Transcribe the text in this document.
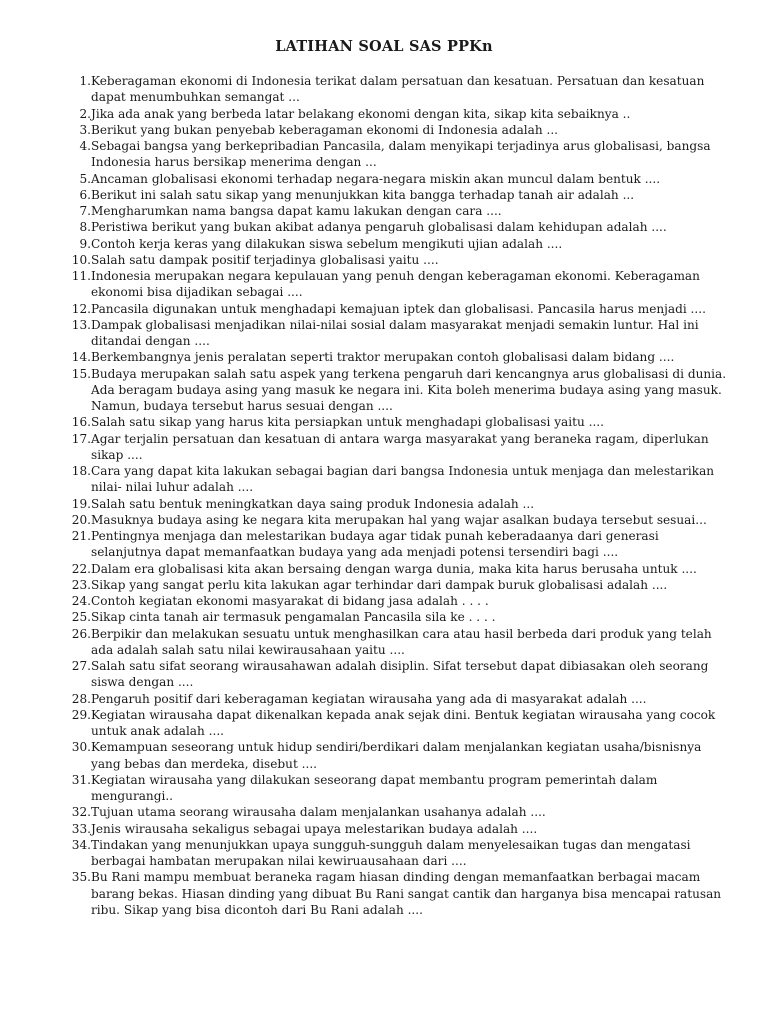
LATIHAN SOAL SAS PPKn
1. Keberagaman ekonomi di Indonesia terikat dalam persatuan dan kesatuan. Persatuan dan kesatuan dapat menumbuhkan semangat ...
2. Jika ada anak yang berbeda latar belakang ekonomi dengan kita, sikap kita sebaiknya ..
3. Berikut yang bukan penyebab keberagaman ekonomi di Indonesia adalah ...
4. Sebagai bangsa yang berkepribadian Pancasila, dalam menyikapi terjadinya arus globalisasi, bangsa Indonesia harus bersikap menerima dengan ...
5. Ancaman globalisasi ekonomi terhadap negara-negara miskin akan muncul dalam bentuk ....
6. Berikut ini salah satu sikap yang menunjukkan kita bangga terhadap tanah air adalah ...
7. Mengharumkan nama bangsa dapat kamu lakukan dengan cara ....
8. Peristiwa berikut yang bukan akibat adanya pengaruh globalisasi dalam kehidupan adalah ....
9. Contoh kerja keras yang dilakukan siswa sebelum mengikuti ujian adalah ....
10. Salah satu dampak positif terjadinya globalisasi yaitu ....
11. Indonesia merupakan negara kepulauan yang penuh dengan keberagaman ekonomi. Keberagaman ekonomi bisa dijadikan sebagai ....
12. Pancasila digunakan untuk menghadapi kemajuan iptek dan globalisasi. Pancasila harus menjadi ....
13. Dampak globalisasi menjadikan nilai-nilai sosial dalam masyarakat menjadi semakin luntur. Hal ini ditandai dengan ....
14. Berkembangnya jenis peralatan seperti traktor merupakan contoh globalisasi dalam bidang ....
15. Budaya merupakan salah satu aspek yang terkena pengaruh dari kencangnya arus globalisasi di dunia. Ada beragam budaya asing yang masuk ke negara ini. Kita boleh menerima budaya asing yang masuk. Namun, budaya tersebut harus sesuai dengan ....
16. Salah satu sikap yang harus kita persiapkan untuk menghadapi globalisasi yaitu ....
17. Agar terjalin persatuan dan kesatuan di antara warga masyarakat yang beraneka ragam, diperlukan sikap ....
18. Cara yang dapat kita lakukan sebagai bagian dari bangsa Indonesia untuk menjaga dan melestarikan nilai- nilai luhur adalah ....
19. Salah satu bentuk meningkatkan daya saing produk Indonesia adalah ...
20. Masuknya budaya asing ke negara kita merupakan hal yang wajar asalkan budaya tersebut sesuai...
21. Pentingnya menjaga dan melestarikan budaya agar tidak punah keberadaanya dari generasi selanjutnya dapat memanfaatkan budaya yang ada menjadi potensi tersendiri bagi ....
22. Dalam era globalisasi kita akan bersaing dengan warga dunia, maka kita harus berusaha untuk ....
23. Sikap yang sangat perlu kita lakukan agar terhindar dari dampak buruk globalisasi adalah ....
24. Contoh kegiatan ekonomi masyarakat di bidang jasa adalah . . . .
25. Sikap cinta tanah air termasuk pengamalan Pancasila sila ke . . . .
26. Berpikir dan melakukan sesuatu untuk menghasilkan cara atau hasil berbeda dari produk yang telah ada adalah salah satu nilai kewirausahaan yaitu ....
27. Salah satu sifat seorang wirausahawan adalah disiplin. Sifat tersebut dapat dibiasakan oleh seorang siswa dengan ....
28. Pengaruh positif dari keberagaman kegiatan wirausaha yang ada di masyarakat adalah ....
29. Kegiatan wirausaha dapat dikenalkan kepada anak sejak dini. Bentuk kegiatan wirausaha yang cocok untuk anak adalah ....
30. Kemampuan seseorang untuk hidup sendiri/berdikari dalam menjalankan kegiatan usaha/bisnisnya yang bebas dan merdeka, disebut ....
31. Kegiatan wirausaha yang dilakukan seseorang dapat membantu program pemerintah dalam mengurangi..
32. Tujuan utama seorang wirausaha dalam menjalankan usahanya adalah ....
33. Jenis wirausaha sekaligus sebagai upaya melestarikan budaya adalah ....
34. Tindakan yang menunjukkan upaya sungguh-sungguh dalam menyelesaikan tugas dan mengatasi berbagai hambatan merupakan nilai kewiruausahaan dari ....
35. Bu Rani mampu membuat beraneka ragam hiasan dinding dengan memanfaatkan berbagai macam barang bekas. Hiasan dinding yang dibuat Bu Rani sangat cantik dan harganya bisa mencapai ratusan ribu. Sikap yang bisa dicontoh dari Bu Rani adalah ....
